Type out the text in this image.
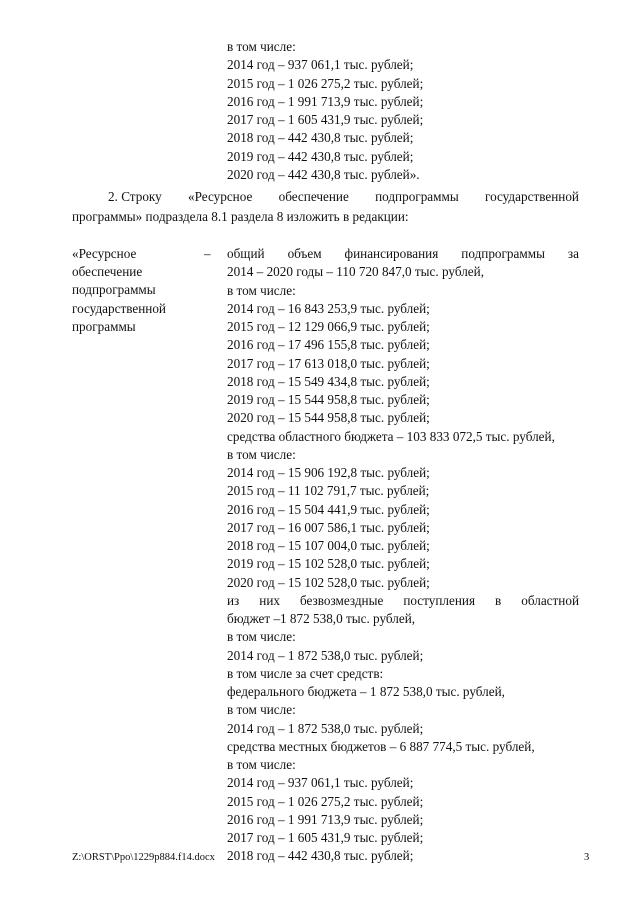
в том числе:
2014 год – 937 061,1 тыс. рублей;
2015 год – 1 026 275,2 тыс. рублей;
2016 год – 1 991 713,9 тыс. рублей;
2017 год – 1 605 431,9 тыс. рублей;
2018 год – 442 430,8 тыс. рублей;
2019 год – 442 430,8 тыс. рублей;
2020 год – 442 430,8 тыс. рублей».
2. Строку «Ресурсное обеспечение подпрограммы государственной
программы» подраздела 8.1 раздела 8 изложить в редакции:
«Ресурсное
обеспечение
подпрограммы
государственной
программы
– общий объем финансирования подпрограммы за
2014 – 2020 годы – 110 720 847,0 тыс. рублей,
в том числе:
2014 год – 16 843 253,9 тыс. рублей;
2015 год – 12 129 066,9 тыс. рублей;
2016 год – 17 496 155,8 тыс. рублей;
2017 год – 17 613 018,0 тыс. рублей;
2018 год – 15 549 434,8 тыс. рублей;
2019 год – 15 544 958,8 тыс. рублей;
2020 год – 15 544 958,8 тыс. рублей;
средства областного бюджета – 103 833 072,5 тыс. рублей,
в том числе:
2014 год – 15 906 192,8 тыс. рублей;
2015 год – 11 102 791,7 тыс. рублей;
2016 год – 15 504 441,9 тыс. рублей;
2017 год – 16 007 586,1 тыс. рублей;
2018 год – 15 107 004,0 тыс. рублей;
2019 год – 15 102 528,0 тыс. рублей;
2020 год – 15 102 528,0 тыс. рублей;
из них безвозмездные поступления в областной
бюджет –1 872 538,0 тыс. рублей,
в том числе:
2014 год – 1 872 538,0 тыс. рублей;
в том числе за счет средств:
федерального бюджета – 1 872 538,0 тыс. рублей,
в том числе:
2014 год – 1 872 538,0 тыс. рублей;
средства местных бюджетов – 6 887 774,5 тыс. рублей,
в том числе:
2014 год – 937 061,1 тыс. рублей;
2015 год – 1 026 275,2 тыс. рублей;
2016 год – 1 991 713,9 тыс. рублей;
2017 год – 1 605 431,9 тыс. рублей;
2018 год – 442 430,8 тыс. рублей;
Z:\ORST\Ppo\1229p884.f14.docx	3
